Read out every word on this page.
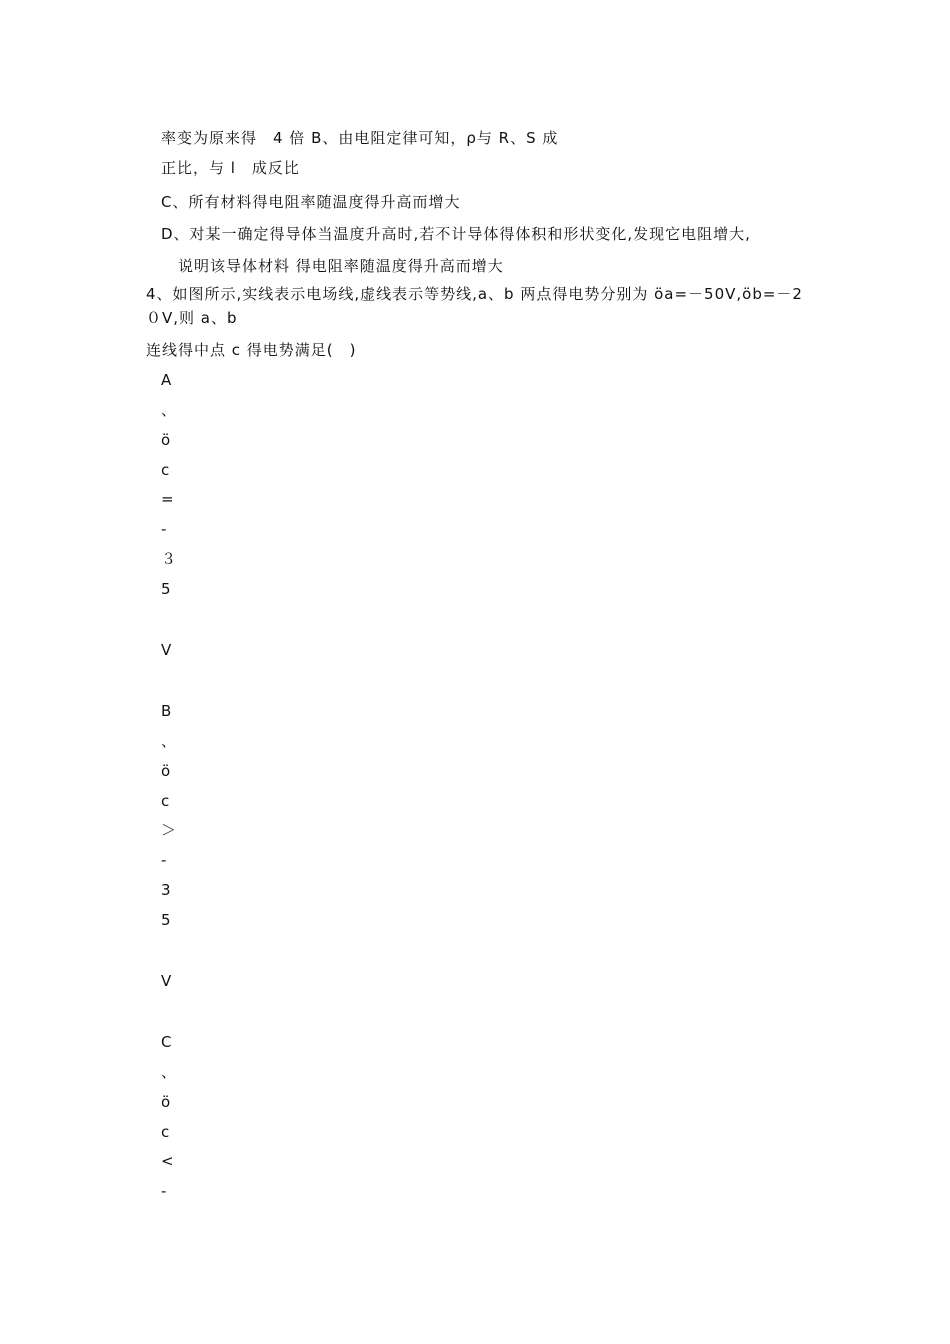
率变为原来得　4 倍 B、由电阻定律可知，ρ与 R、S 成
正比，与 l　成反比
C、所有材料得电阻率随温度得升高而增大
D、对某一确定得导体当温度升高时,若不计导体得体积和形状变化,发现它电阻增大,
说明该导体材料 得电阻率随温度得升高而增大
4、如图所示,实线表示电场线,虚线表示等势线,a、b 两点得电势分别为 öa=－50V,öb=－2
０V,则 a、b
连线得中点 c 得电势满足(　)
A
、
ö
c
=
-
３
5
V
B
、
ö
c
＞
-
3
5
V
C
、
ö
c
<
-
